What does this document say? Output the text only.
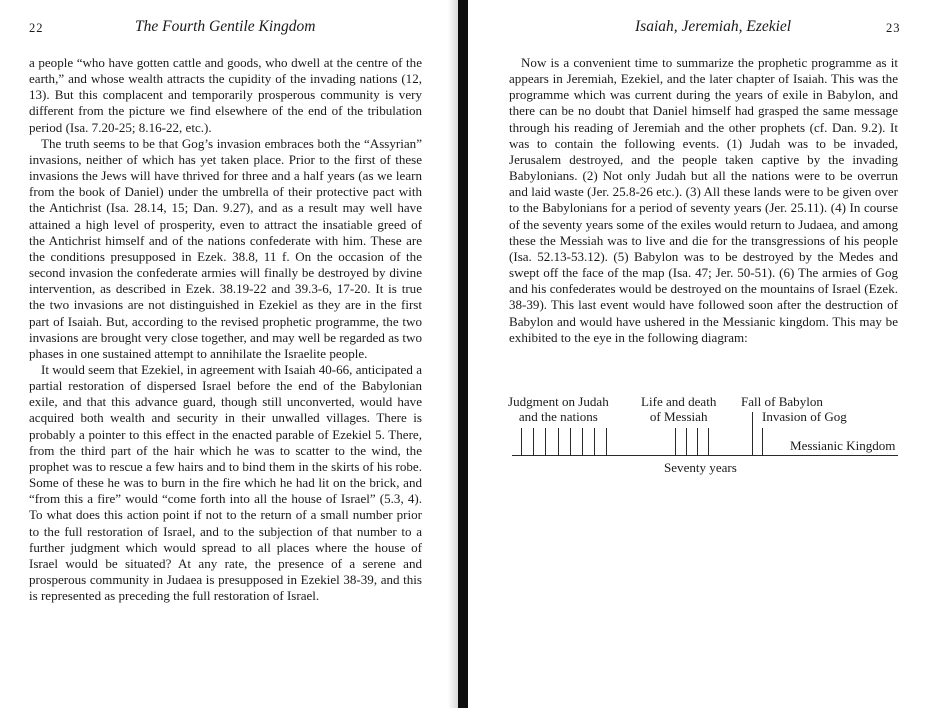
22	The Fourth Gentile Kingdom

a people “who have gotten cattle and goods, who dwell at the centre of the earth,” and whose wealth attracts the cupidity of the invading nations (12, 13). But this complacent and temporarily prosperous community is very different from the picture we find elsewhere of the end of the tribulation period (Isa. 7.20-25; 8.16-22, etc.).

The truth seems to be that Gog’s invasion embraces both the “Assyrian” invasions, neither of which has yet taken place. Prior to the first of these invasions the Jews will have thrived for three and a half years (as we learn from the book of Daniel) under the umbrella of their protective pact with the Antichrist (Isa. 28.14, 15; Dan. 9.27), and as a result may well have attained a high level of prosperity, even to attract the insatiable greed of the Antichrist himself and of the nations confederate with him. These are the conditions presupposed in Ezek. 38.8, 11 f. On the occasion of the second invasion the confederate armies will finally be destroyed by divine intervention, as described in Ezek. 38.19-22 and 39.3-6, 17-20. It is true the two invasions are not distinguished in Ezekiel as they are in the first part of Isaiah. But, according to the revised prophetic programme, the two invasions are brought very close together, and may well be regarded as two phases in one sustained attempt to annihilate the Israelite people.

It would seem that Ezekiel, in agreement with Isaiah 40-66, anticipated a partial restoration of dispersed Israel before the end of the Babylonian exile, and that this advance guard, though still unconverted, would have acquired both wealth and security in their unwalled villages. There is probably a pointer to this effect in the enacted parable of Ezekiel 5. There, from the third part of the hair which he was to scatter to the wind, the prophet was to rescue a few hairs and to bind them in the skirts of his robe. Some of these he was to burn in the fire which he had lit on the brick, and “from this a fire” would “come forth into all the house of Israel” (5.3, 4). To what does this action point if not to the return of a small number prior to the full restoration of Israel, and to the subjection of that number to a further judgment which would spread to all places where the house of Israel would be situated? At any rate, the presence of a serene and prosperous community in Judaea is presupposed in Ezekiel 38-39, and this is represented as preceding the full restoration of Israel.

Isaiah, Jeremiah, Ezekiel	23

Now is a convenient time to summarize the prophetic programme as it appears in Jeremiah, Ezekiel, and the later chapter of Isaiah. This was the programme which was current during the years of exile in Babylon, and there can be no doubt that Daniel himself had grasped the same message through his reading of Jeremiah and the other prophets (cf. Dan. 9.2). It was to contain the following events. (1) Judah was to be invaded, Jerusalem destroyed, and the people taken captive by the invading Babylonians. (2) Not only Judah but all the nations were to be overrun and laid waste (Jer. 25.8-26 etc.). (3) All these lands were to be given over to the Babylonians for a period of seventy years (Jer. 25.11). (4) In course of the seventy years some of the exiles would return to Judaea, and among these the Messiah was to live and die for the transgressions of his people (Isa. 52.13-53.12). (5) Babylon was to be destroyed by the Medes and swept off the face of the map (Isa. 47; Jer. 50-51). (6) The armies of Gog and his confederates would be destroyed on the mountains of Israel (Ezek. 38-39). This last event would have followed soon after the destruction of Babylon and would have ushered in the Messianic kingdom. This may be exhibited to the eye in the following diagram:

Judgment on Judah
and the nations
Life and death
of Messiah
Fall of Babylon
Invasion of Gog
Messianic Kingdom
Seventy years
